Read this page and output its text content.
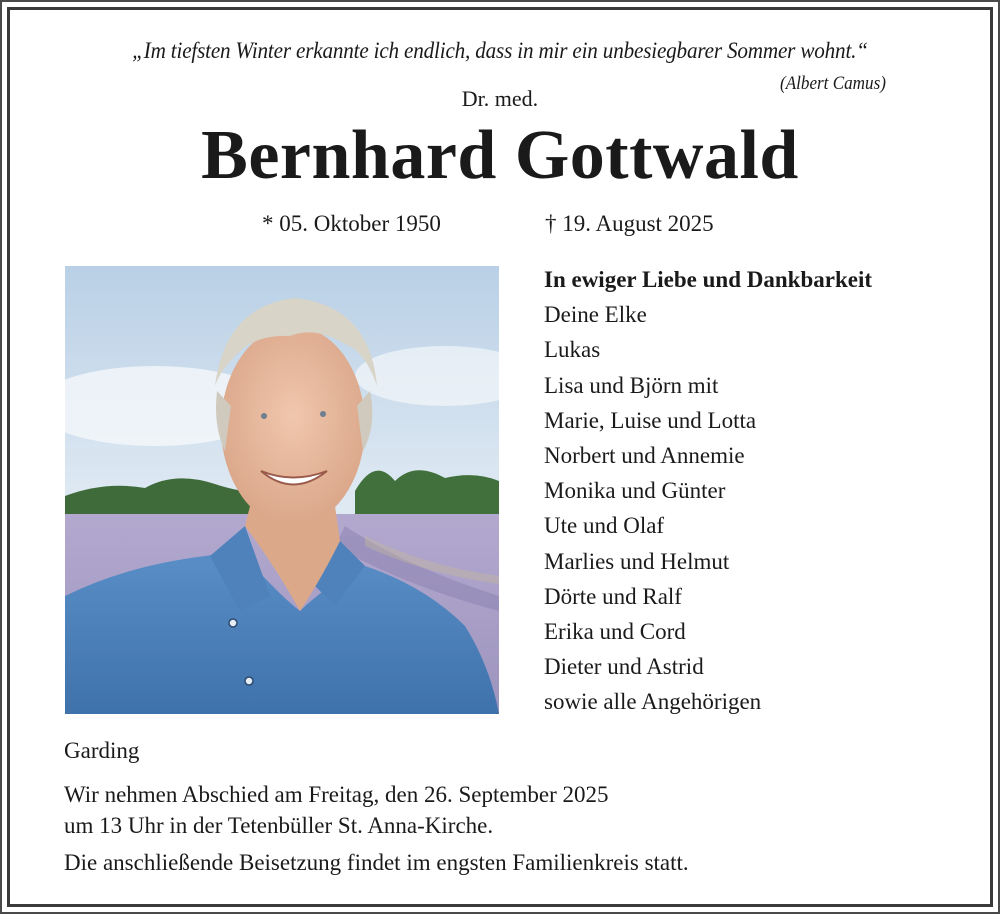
„Im tiefsten Winter erkannte ich endlich, dass in mir ein unbesiegbarer Sommer wohnt.“
(Albert Camus)
Dr. med.
Bernhard Gottwald
* 05. Oktober 1950	† 19. August 2025
In ewiger Liebe und Dankbarkeit
Deine Elke
Lukas
Lisa und Björn mit
Marie, Luise und Lotta
Norbert und Annemie
Monika und Günter
Ute und Olaf
Marlies und Helmut
Dörte und Ralf
Erika und Cord
Dieter und Astrid
sowie alle Angehörigen
Garding
Wir nehmen Abschied am Freitag, den 26. September 2025
um 13 Uhr in der Tetenbüller St. Anna-Kirche.
Die anschließende Beisetzung findet im engsten Familienkreis statt.
